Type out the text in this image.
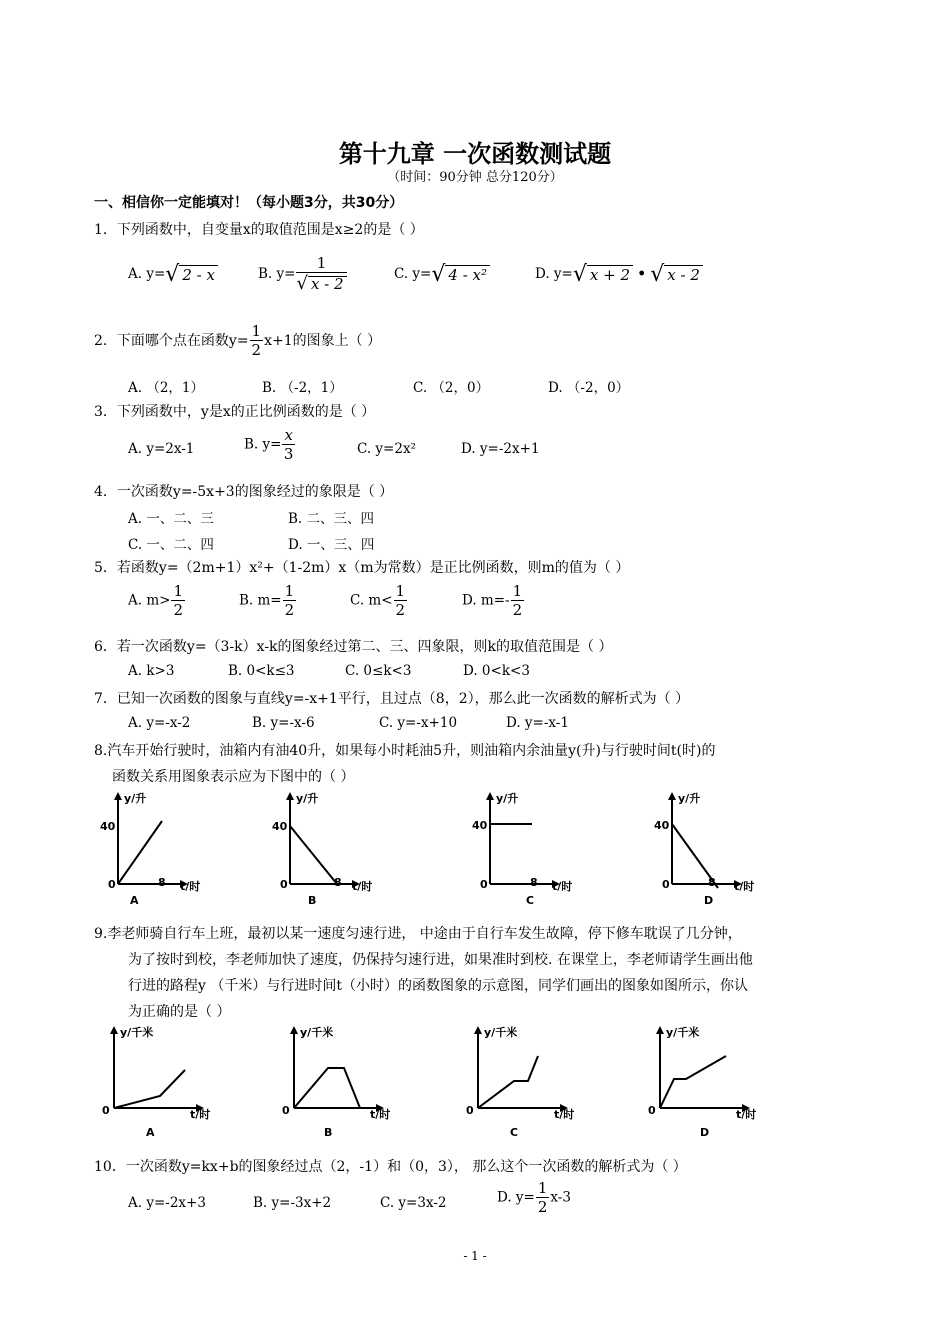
第十九章 一次函数测试题
（时间：90分钟 总分120分）
一、相信你一定能填对！（每小题3分，共30分）
1．下列函数中，自变量x的取值范围是x≥2的是（ ）
A. y=√ 2 - x	B. $y= \frac{1}{√ x - 2}$	C. y=√ 4 - x²	D. y=√ x + 2 • √ x - 2
2．下面哪个点在函数$y= \frac{1}{2} x+1$的图象上（ ）
A. （2，1）	B. （-2，1）	C. （2，0）	D. （-2，0）
3．下列函数中，y是x的正比例函数的是（ ）
A. y=2x-1	B. $y= \frac{x}{3}$	C. y=2x²	D. y=-2x+1
4．一次函数y=-5x+3的图象经过的象限是（ ）
A. 一、二、三	B. 二、三、四
C. 一、二、四	D. 一、三、四
5．若函数y=（2m+1）x²+（1-2m）x（m为常数）是正比例函数，则m的值为（ ）
A. $m> \frac{1}{2}$	B. $m= \frac{1}{2}$	C. $m< \frac{1}{2}$	D. $m=- \frac{1}{2}$
6．若一次函数y=（3-k）x-k的图象经过第二、三、四象限，则k的取值范围是（ ）
A. k>3	B. 0<k≤3	C. 0≤k<3	D. 0<k<3
7．已知一次函数的图象与直线y=-x+1平行，且过点（8，2），那么此一次函数的解析式为（ ）
A. y=-x-2	B. y=-x-6	C. y=-x+10	D. y=-x-1
8.汽车开始行驶时，油箱内有油40升，如果每小时耗油5升，则油箱内余油量y(升)与行驶时间t(时)的
函数关系用图象表示应为下图中的（ ）
y/升
40
0	8 t/时
A
y/升
40
0	8 t/时
B
y/升
40
0	8 t/时
C
y/升
40
0	8 t/时
D
9.李老师骑自行车上班，最初以某一速度匀速行进， 中途由于自行车发生故障，停下修车耽误了几分钟，
为了按时到校，李老师加快了速度，仍保持匀速行进，如果准时到校. 在课堂上，李老师请学生画出他
行进的路程y （千米）与行进时间t（小时）的函数图象的示意图，同学们画出的图象如图所示，你认
为正确的是（ ）
y/千米
0	t/时
A
y/千米
0	t/时
B
y/千米
0	t/时
C
y/千米
0	t/时
D
10．一次函数y=kx+b的图象经过点（2，-1）和（0，3）， 那么这个一次函数的解析式为（ ）
A. y=-2x+3	B. y=-3x+2	C. y=3x-2	D. $y= \frac{1}{2} x-3$
- 1 -
